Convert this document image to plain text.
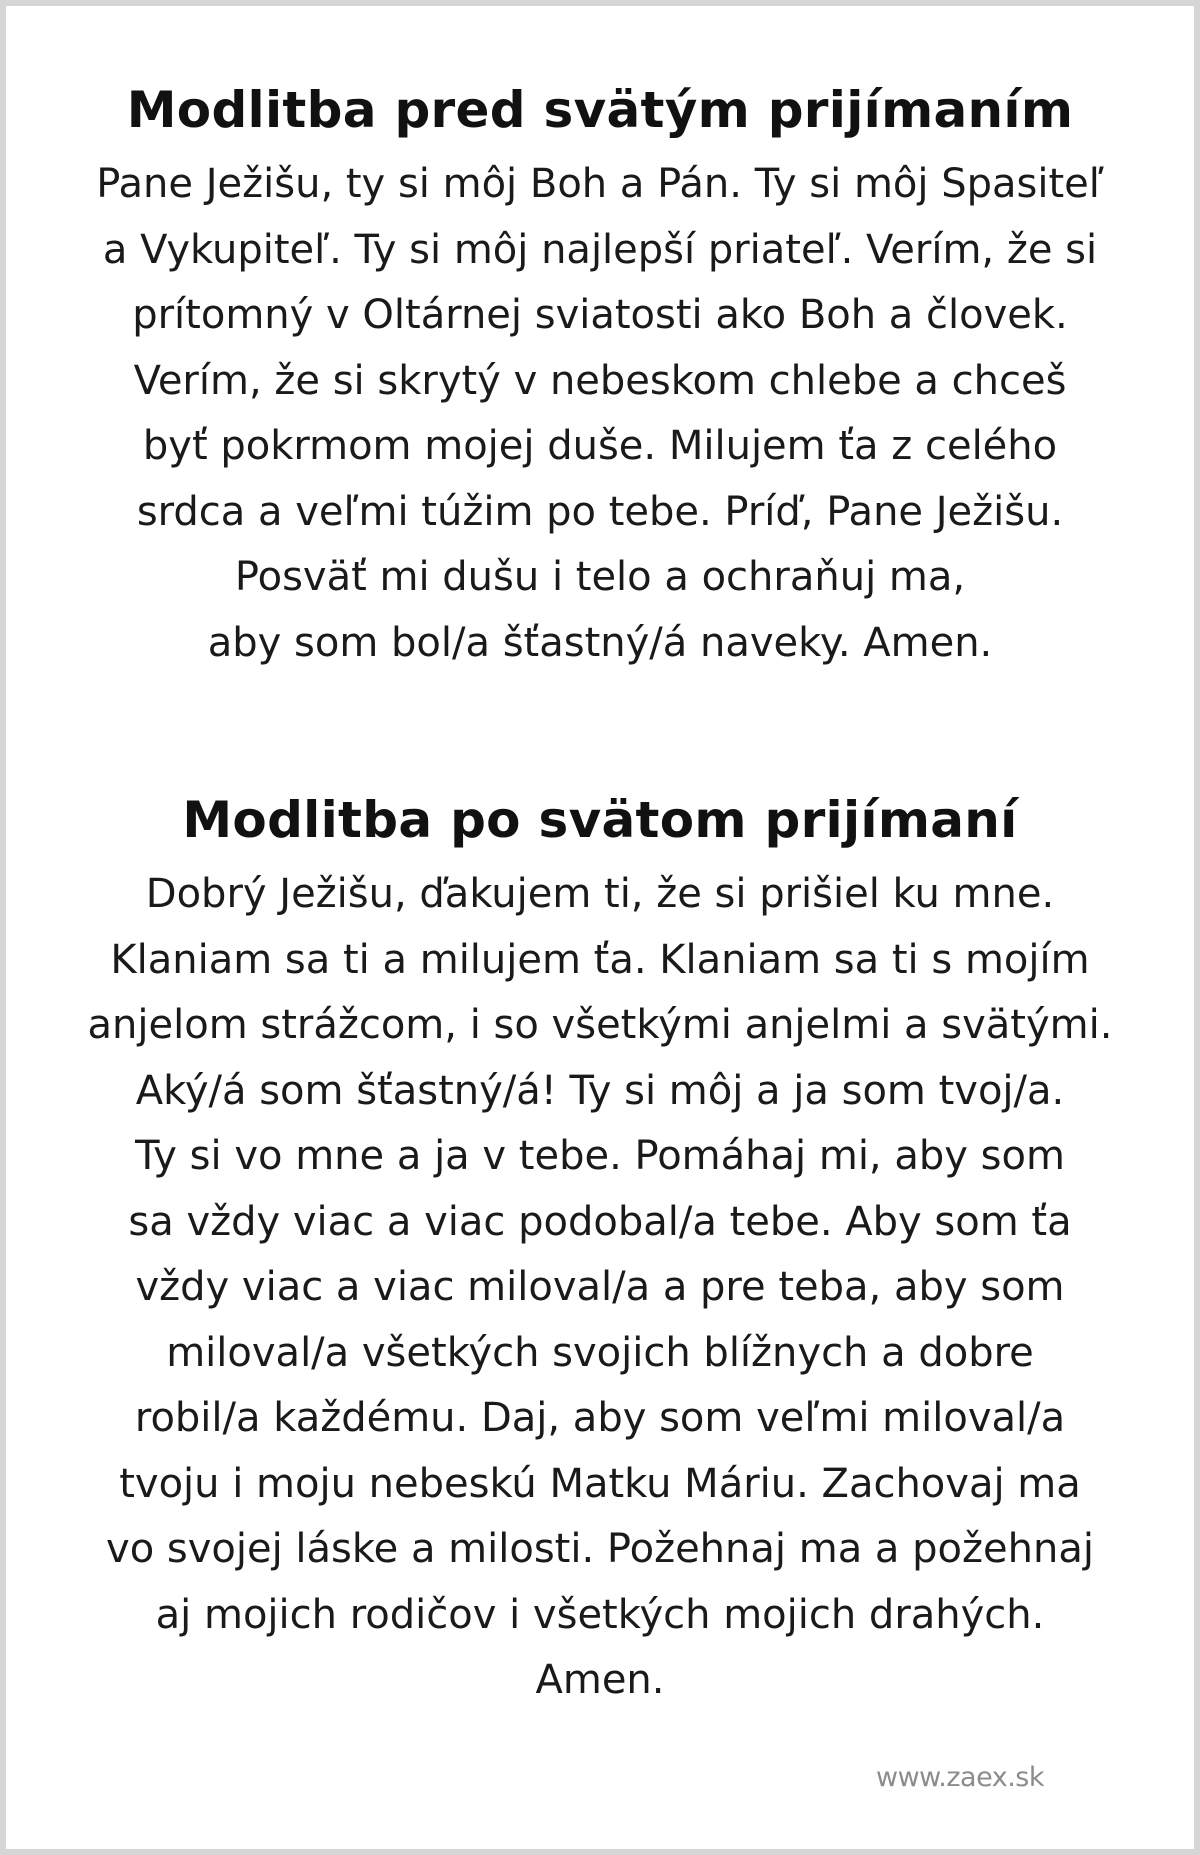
Modlitba pred svätým prijímaním
Pane Ježišu, ty si môj Boh a Pán. Ty si môj Spasiteľ
a Vykupiteľ. Ty si môj najlepší priateľ. Verím, že si
prítomný v Oltárnej sviatosti ako Boh a človek.
Verím, že si skrytý v nebeskom chlebe a chceš
byť pokrmom mojej duše. Milujem ťa z celého
srdca a veľmi túžim po tebe. Príď, Pane Ježišu.
Posväť mi dušu i telo a ochraňuj ma,
aby som bol/a šťastný/á naveky. Amen.
Modlitba po svätom prijímaní
Dobrý Ježišu, ďakujem ti, že si prišiel ku mne.
Klaniam sa ti a milujem ťa. Klaniam sa ti s mojím
anjelom strážcom, i so všetkými anjelmi a svätými.
Aký/á som šťastný/á! Ty si môj a ja som tvoj/a.
Ty si vo mne a ja v tebe. Pomáhaj mi, aby som
sa vždy viac a viac podobal/a tebe. Aby som ťa
vždy viac a viac miloval/a a pre teba, aby som
miloval/a všetkých svojich blížnych a dobre
robil/a každému. Daj, aby som veľmi miloval/a
tvoju i moju nebeskú Matku Máriu. Zachovaj ma
vo svojej láske a milosti. Požehnaj ma a požehnaj
aj mojich rodičov i všetkých mojich drahých.
Amen.
www.zaex.sk
